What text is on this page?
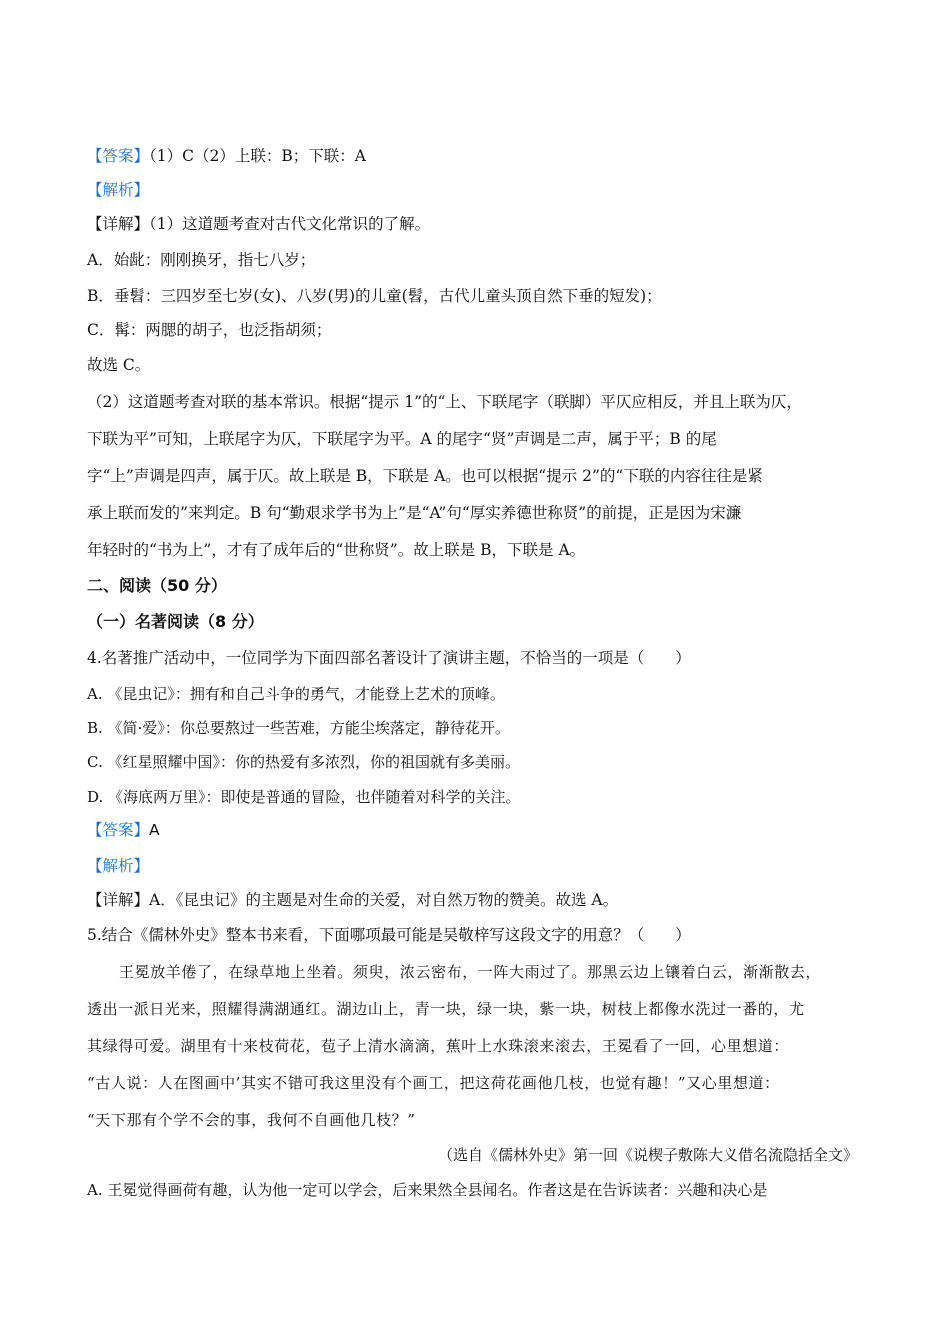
【答案】（1）C（2）上联：B；下联：A
【解析】
【详解】（1）这道题考查对古代文化常识的了解。
A．始龀：刚刚换牙，指七八岁；
B．垂髫：三四岁至七岁(女)、八岁(男)的儿童(髫，古代儿童头顶自然下垂的短发)；
C．髯：两腮的胡子，也泛指胡须；
故选 C。
（2）这道题考查对联的基本常识。根据“提示 1”的“上、下联尾字（联脚）平仄应相反，并且上联为仄，
下联为平”可知，上联尾字为仄，下联尾字为平。A 的尾字“贤”声调是二声，属于平；B 的尾
字“上”声调是四声，属于仄。故上联是 B，下联是 A。也可以根据“提示 2”的“下联的内容往往是紧
承上联而发的”来判定。B 句“勤艰求学书为上”是“A”句“厚实养德世称贤”的前提，正是因为宋濂
年轻时的“书为上”，才有了成年后的“世称贤”。故上联是 B，下联是 A。
二、阅读（50 分）
（一）名著阅读（8 分）
4.名著推广活动中，一位同学为下面四部名著设计了演讲主题，不恰当的一项是（　　）
A. 《昆虫记》：拥有和自己斗争的勇气，才能登上艺术的顶峰。
B. 《简·爱》：你总要熬过一些苦难，方能尘埃落定，静待花开。
C. 《红星照耀中国》：你的热爱有多浓烈，你的祖国就有多美丽。
D. 《海底两万里》：即使是普通的冒险，也伴随着对科学的关注。
【答案】A
【解析】
【详解】A．《昆虫记》的主题是对生命的关爱，对自然万物的赞美。故选 A。
5.结合《儒林外史》整本书来看，下面哪项最可能是吴敬梓写这段文字的用意？（　　）
王冕放羊倦了，在绿草地上坐着。须臾，浓云密布，一阵大雨过了。那黑云边上镶着白云，渐渐散去，
透出一派日光来，照耀得满湖通红。湖边山上，青一块，绿一块，紫一块，树枝上都像水洗过一番的，尤
其绿得可爱。湖里有十来枝荷花，苞子上清水滴滴，蕉叶上水珠滚来滚去，王冕看了一回，心里想道：
“古人说：人在图画中’其实不错可我这里没有个画工，把这荷花画他几枝，也觉有趣！”又心里想道：
“天下那有个学不会的事，我何不自画他几枝？”
（选自《儒林外史》第一回《说楔子敷陈大义借名流隐括全文》
A. 王冕觉得画荷有趣，认为他一定可以学会，后来果然全县闻名。作者这是在告诉读者：兴趣和决心是
